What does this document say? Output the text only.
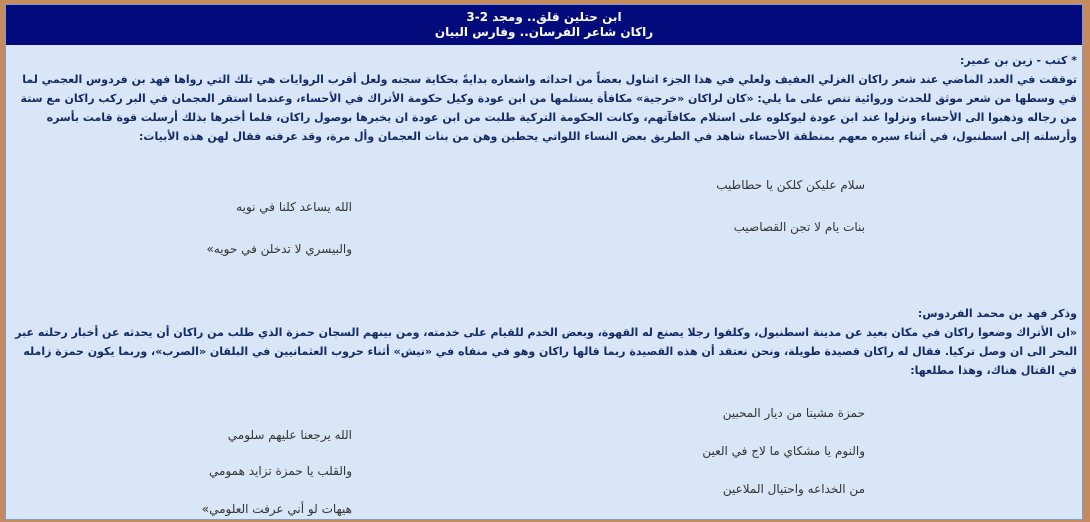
ابن حتلين قلق.. ومجد 2-3
راكان شاعر الفرسان.. وفارس البيان

* كتب - زين بن عمير:

توقفت في العدد الماضي عند شعر راكان الغزلي العفيف ولعلي في هذا الجزء اتناول بعضاً من احداثه واشعاره بدايةً بحكاية سجنه ولعل أقرب الروايات هي تلك التي رواها فهد بن فردوس العجمي لما في وسطها من شعر موثق للحدث وروائية تنص على ما يلي: «كان لراكان «خرجية» مكافأة يستلمها من ابن عودة وكيل حكومة الأتراك في الأحساء، وعندما استقر العجمان في البر ركب راكان مع ستة من رجاله وذهبوا الى الأحساء ونزلوا عند ابن عودة ليوكلوه على استلام مكافآتهم، وكانت الحكومة التركية طلبت من ابن عودة ان يخبرها بوصول راكان، فلما أخبرها بذلك أرسلت قوة قامت بأسره وأرسلته إلى اسطنبول، في أثناء سيره معهم بمنطقة الأحساء شاهد في الطريق بعض النساء اللواتي يحطبن وهن من بنات العجمان وأل مرة، وقد عرفته فقال لهن هذه الأبيات:

سلام عليكن كلكن يا حطاطيب
الله يساعد كلنا في نويه
بنات يام لا تجن القصاصيب
والبيسري لا تدخلن في حويه»

وذكر فهد بن محمد الفردوس:

«ان الأتراك وضعوا راكان في مكان بعيد عن مدينة اسطنبول، وكلفوا رجلا يصنع له القهوة، وبعض الخدم للقيام على خدمته، ومن بينهم السجان حمزة الذي طلب من راكان أن يحدثه عن أخبار رحلته عبر البحر الى ان وصل تركيا. فقال له راكان قصيدة طويلة، ونحن نعتقد أن هذه القصيدة ربما قالها راكان وهو في منفاه في «نيش» أثناء حروب العثمانيين في البلقان «الصرب»، وربما يكون حمزة زامله في القتال هناك، وهذا مطلعها:

حمزة مشينا من ديار المحبين
الله يرجعنا عليهم سلومي
والنوم يا مشكاي ما لاج في العين
والقلب يا حمزة تزايد همومي
من الخداعه واحتيال الملاعين
هيهات لو أني عرفت العلومي»
